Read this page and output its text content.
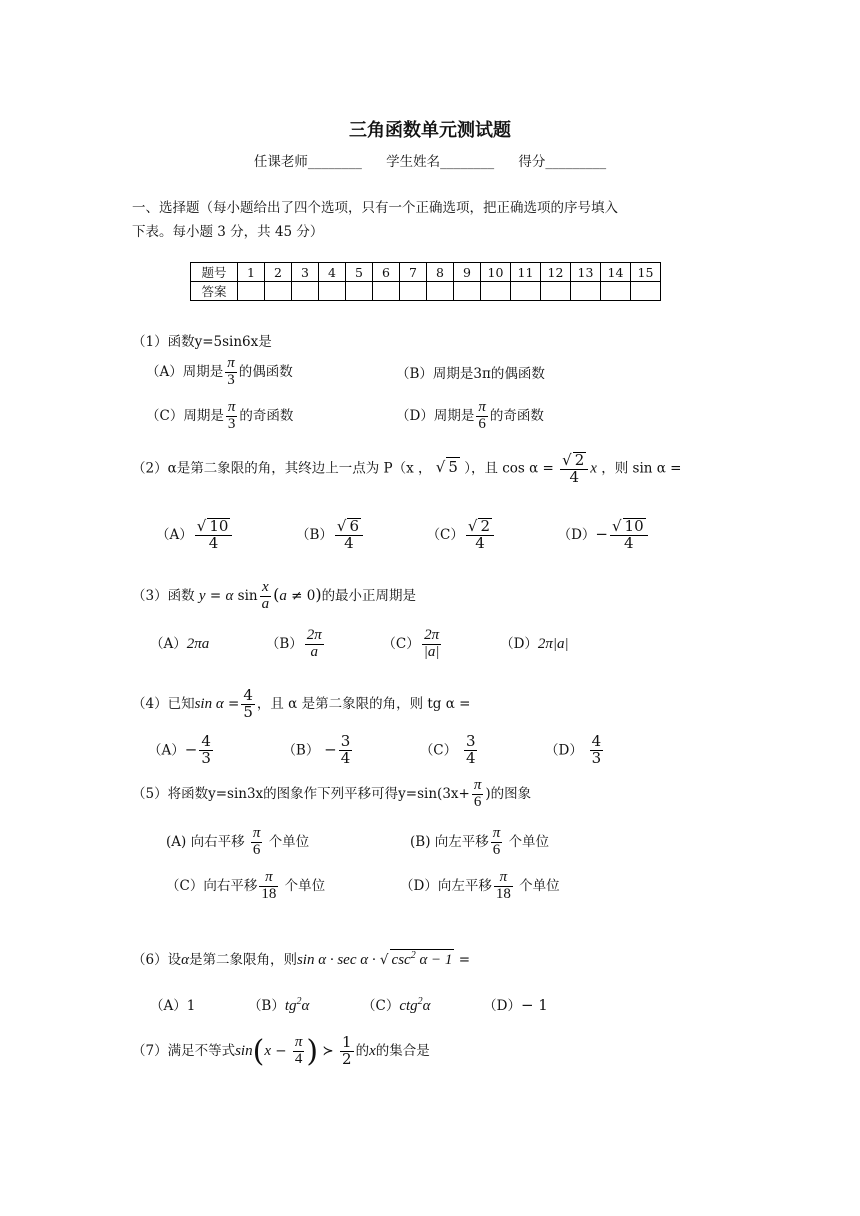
三角函数单元测试题
任课老师________ 学生姓名________ 得分_________
一、选择题（每小题给出了四个选项，只有一个正确选项，把正确选项的序号填入
下表。每小题 3 分，共 45 分）
题号	1	2	3	4	5	6	7	8	9	10	11	12	13	14	15
答案															
（1）函数y=5sin6x是
（A）周期是 $\frac{\pi}{3}$ 的偶函数	（B）周期是3π的偶函数
（C）周期是 $\frac{\pi}{3}$ 的奇函数	（D）周期是 $\frac{\pi}{6}$ 的奇函数
（2）α是第二象限的角，其终边上一点为 P（x ， √ 5 ），且 $\cos \alpha = \frac{√ 2}{4}$ x ，则 sin α =
$(A) \frac{√ 10}{4}$	$(B) \frac{√ 6}{4}$	$(C) \frac{√ 2}{4}$	$(D)- \frac{√ 10}{4}$
（3）函数 y = α $\sin \frac{x}{a} (a \ne 0)$的最小正周期是
（A）2πa	$(B) \frac{2\pi}{a}$	$(C) \frac{2\pi}{|a|}$	（D）2π|a|
（4）已知$\sin \alpha = \frac{4}{5}$ ，且 α 是第二象限的角，则 tg α =
$(A)- \frac{4}{3}$	$(B) - \frac{3}{4}$	$(C) \frac{3}{4}$	$(D) \frac{4}{3}$
（5）将函数y=sin3x的图象作下列平移可得$y=\sin(3x+ \frac{\pi}{6}$ )的图象
(A) 向右平移 $\frac{\pi}{6}$ 个单位	(B) 向左平移 $\frac{\pi}{6}$ 个单位
（C）向右平移 $\frac{\pi}{18}$ 个单位	（D）向左平移 $\frac{\pi}{18}$ 个单位
（6）设α是第二象限角，则sin α · sec α · √ $\csc^2 \alpha - 1$ =
（A）1	$(B)tg^2\alpha$	（C）ctg$^2$α	（D）− 1
（7）满足不等式$\sin(x - \frac{\pi}{4}$ ) ≻ $\frac{1}{2}$ 的x的集合是
